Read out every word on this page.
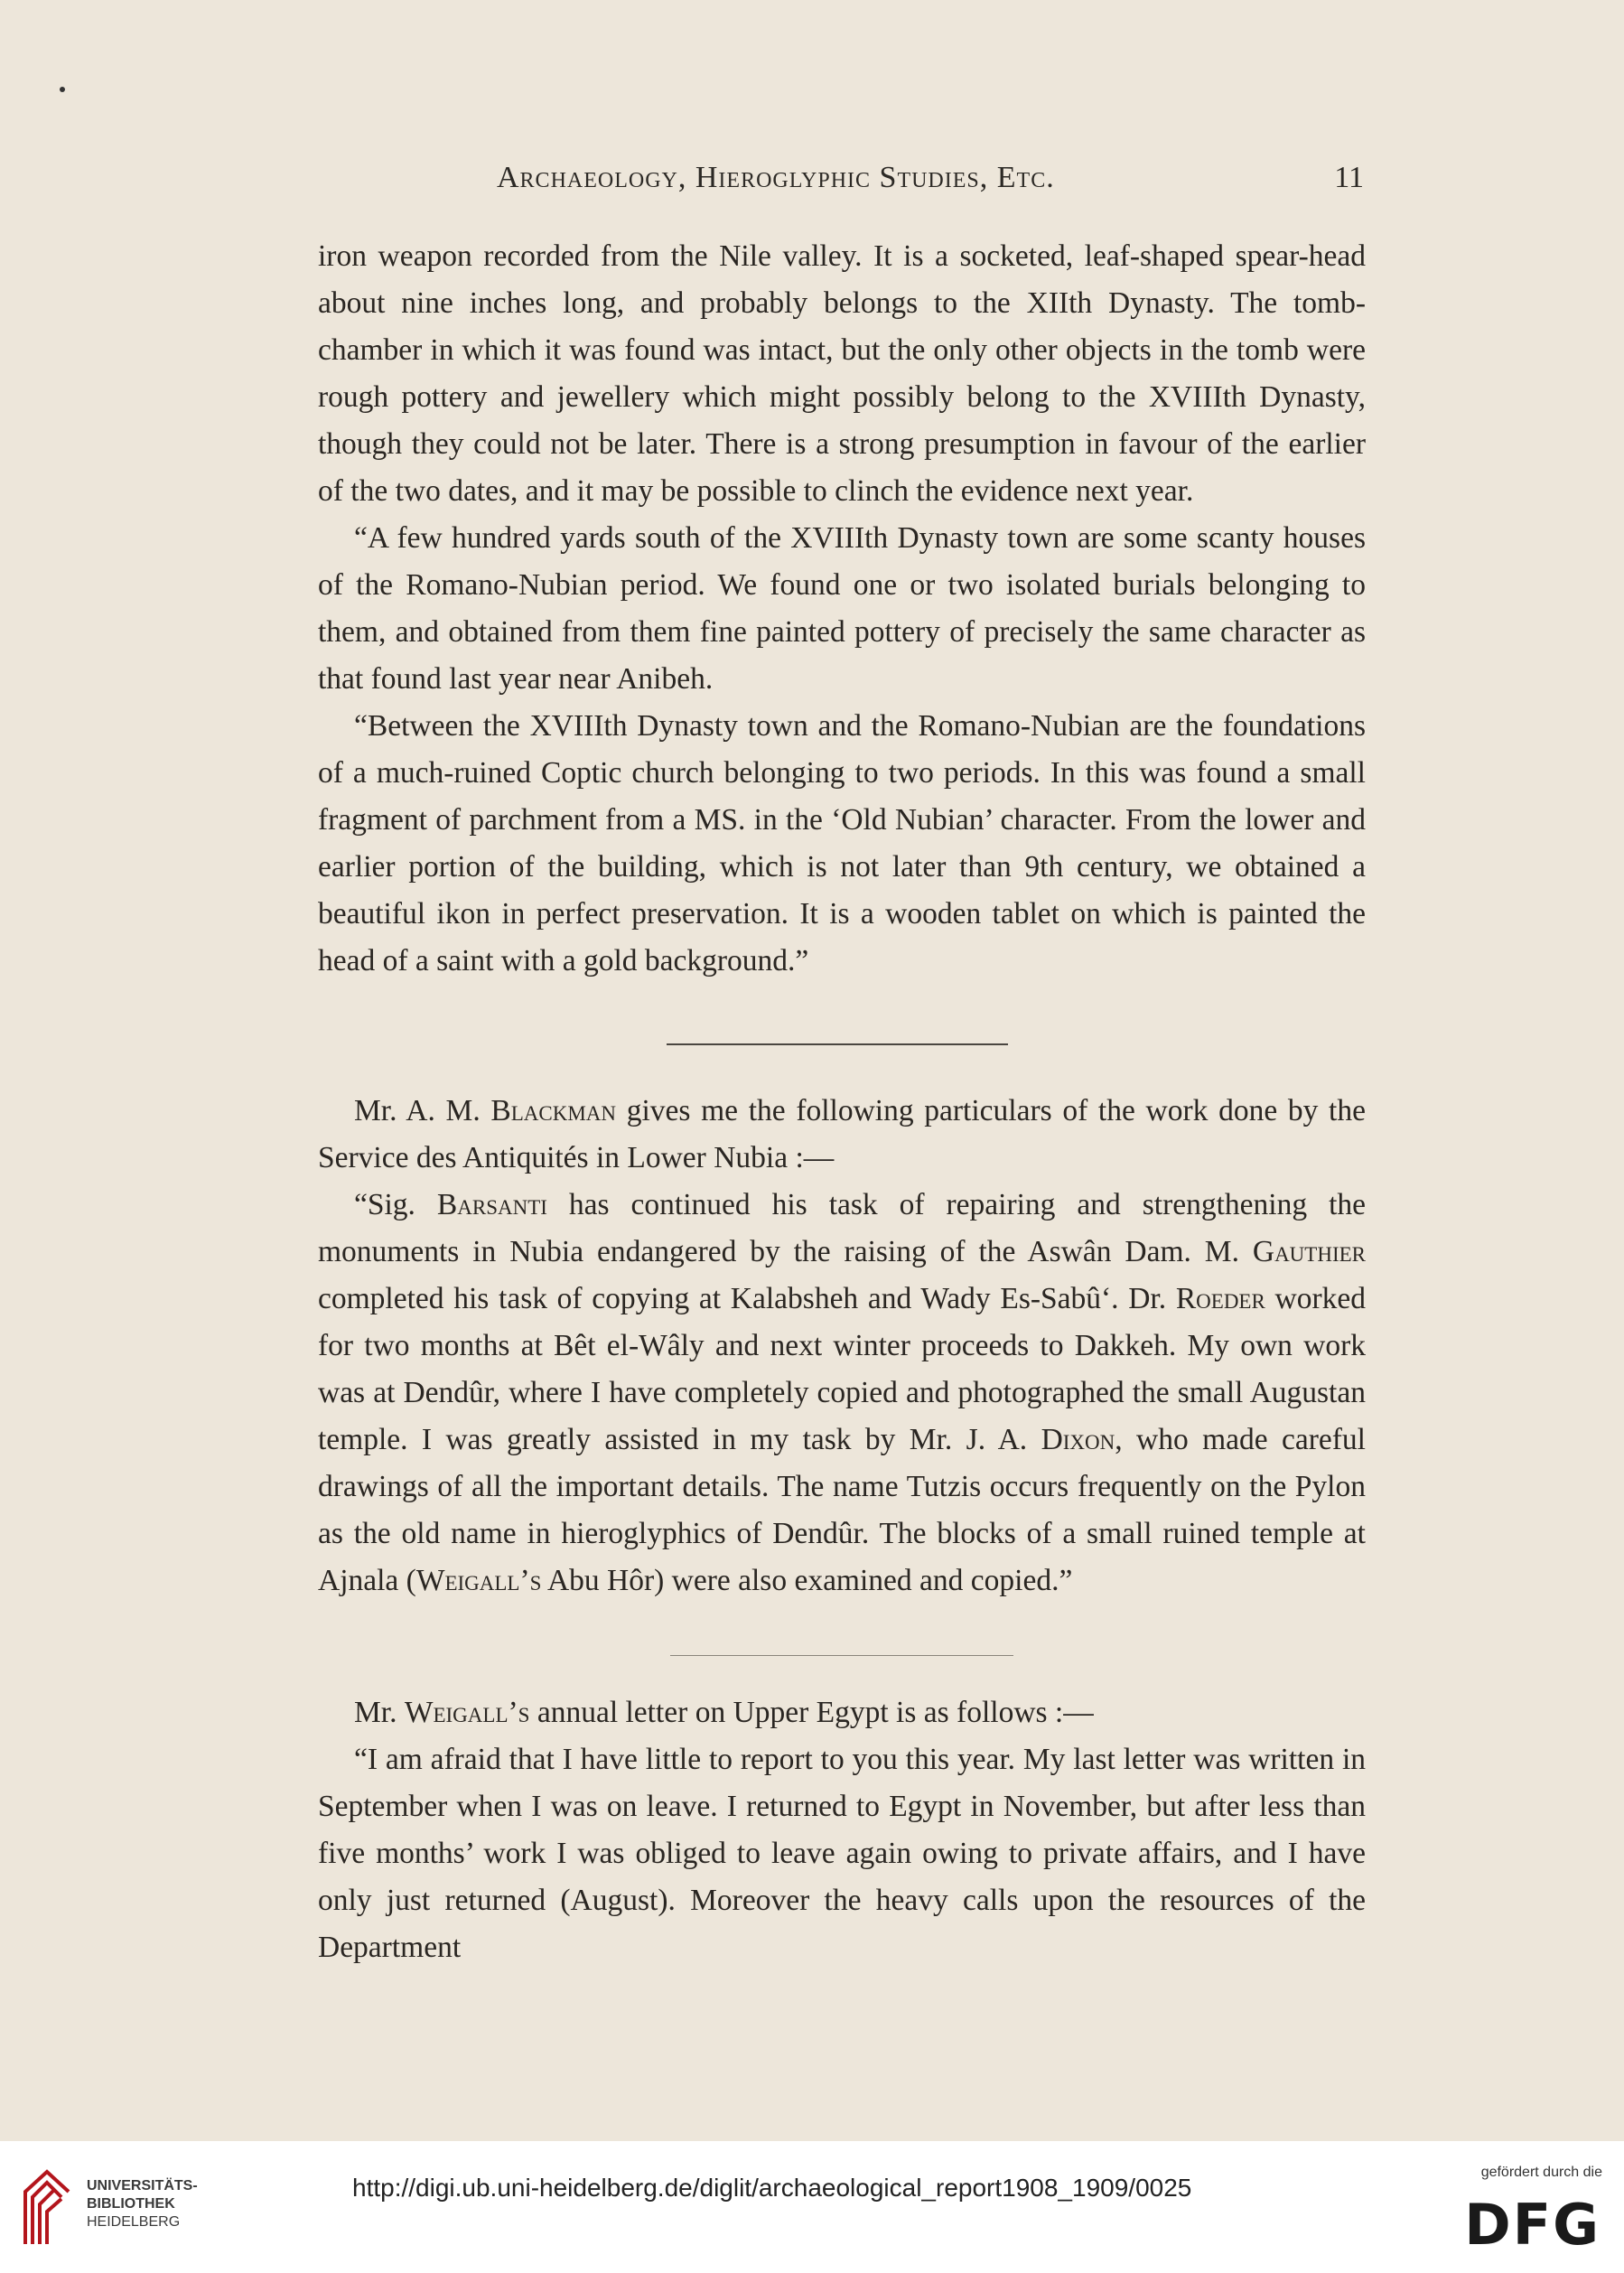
Archaeology, Hieroglyphic Studies, Etc.	11

iron weapon recorded from the Nile valley. It is a socketed, leaf-shaped spear-head about nine inches long, and probably belongs to the XIIth Dynasty. The tomb-chamber in which it was found was intact, but the only other objects in the tomb were rough pottery and jewellery which might possibly belong to the XVIIIth Dynasty, though they could not be later. There is a strong presumption in favour of the earlier of the two dates, and it may be possible to clinch the evidence next year.

“A few hundred yards south of the XVIIIth Dynasty town are some scanty houses of the Romano-Nubian period. We found one or two isolated burials belonging to them, and obtained from them fine painted pottery of precisely the same character as that found last year near Anibeh.

“Between the XVIIIth Dynasty town and the Romano-Nubian are the foundations of a much-ruined Coptic church belonging to two periods. In this was found a small fragment of parchment from a MS. in the ‘Old Nubian’ character. From the lower and earlier portion of the building, which is not later than 9th century, we obtained a beautiful ikon in perfect preservation. It is a wooden tablet on which is painted the head of a saint with a gold background.”

Mr. A. M. Blackman gives me the following particulars of the work done by the Service des Antiquités in Lower Nubia :—

“Sig. Barsanti has continued his task of repairing and strengthening the monuments in Nubia endangered by the raising of the Aswân Dam. M. Gauthier completed his task of copying at Kalabsheh and Wady Es-Sabû‘. Dr. Roeder worked for two months at Bêt el-Wâly and next winter proceeds to Dakkeh. My own work was at Dendûr, where I have completely copied and photographed the small Augustan temple. I was greatly assisted in my task by Mr. J. A. Dixon, who made careful drawings of all the important details. The name Tutzis occurs frequently on the Pylon as the old name in hieroglyphics of Dendûr. The blocks of a small ruined temple at Ajnala (Weigall’s Abu Hôr) were also examined and copied.”

Mr. Weigall’s annual letter on Upper Egypt is as follows :—

“I am afraid that I have little to report to you this year. My last letter was written in September when I was on leave. I returned to Egypt in November, but after less than five months’ work I was obliged to leave again owing to private affairs, and I have only just returned (August). Moreover the heavy calls upon the resources of the Department

UNIVERSITÄTS-
BIBLIOTHEK
HEIDELBERG
http://digi.ub.uni-heidelberg.de/diglit/archaeological_report1908_1909/0025
gefördert durch die
DFG
